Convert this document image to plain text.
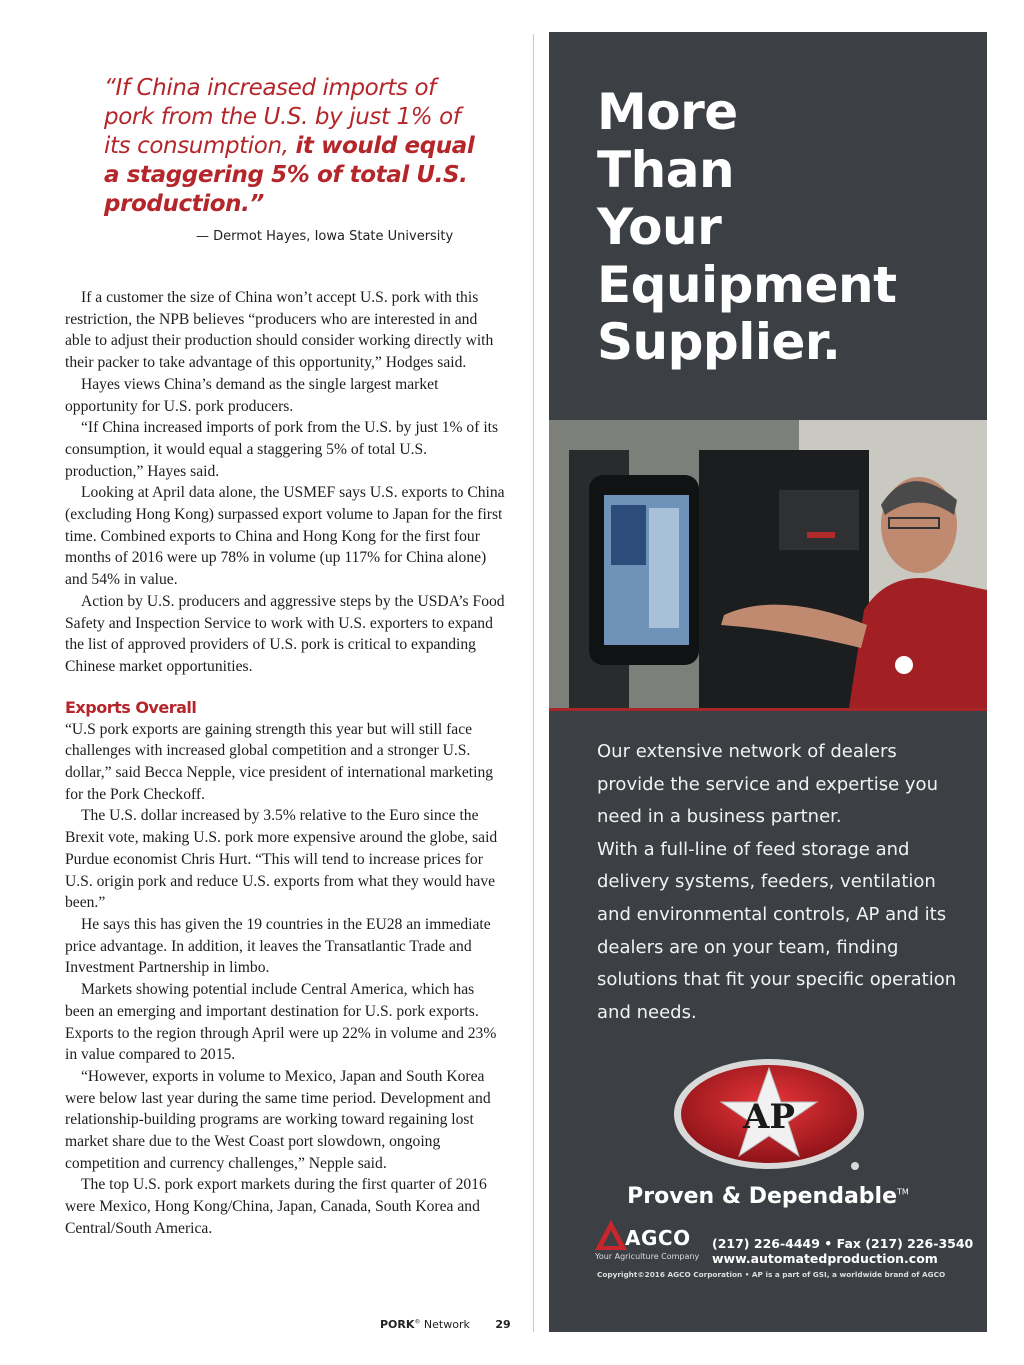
“If China increased imports of pork from the U.S. by just 1% of its consumption, it would equal a staggering 5% of total U.S. production.”
— Dermot Hayes, Iowa State University

If a customer the size of China won’t accept U.S. pork with this restriction, the NPB believes “producers who are interested in and able to adjust their production should consider working directly with their packer to take advantage of this opportunity,” Hodges said.

Hayes views China’s demand as the single largest market opportunity for U.S. pork producers.

“If China increased imports of pork from the U.S. by just 1% of its consumption, it would equal a staggering 5% of total U.S. production,” Hayes said.

Looking at April data alone, the USMEF says U.S. exports to China (excluding Hong Kong) surpassed export volume to Japan for the first time. Combined exports to China and Hong Kong for the first four months of 2016 were up 78% in volume (up 117% for China alone) and 54% in value.

Action by U.S. producers and aggressive steps by the USDA’s Food Safety and Inspection Service to work with U.S. exporters to expand the list of approved providers of U.S. pork is critical to expanding Chinese market opportunities.

Exports Overall

“U.S pork exports are gaining strength this year but will still face challenges with increased global competition and a stronger U.S. dollar,” said Becca Nepple, vice president of international marketing for the Pork Checkoff.

The U.S. dollar increased by 3.5% relative to the Euro since the Brexit vote, making U.S. pork more expensive around the globe, said Purdue economist Chris Hurt. “This will tend to increase prices for U.S. origin pork and reduce U.S. exports from what they would have been.”

He says this has given the 19 countries in the EU28 an immediate price advantage. In addition, it leaves the Transatlantic Trade and Investment Partnership in limbo.

Markets showing potential include Central America, which has been an emerging and important destination for U.S. pork exports. Exports to the region through April were up 22% in volume and 23% in value compared to 2015.

“However, exports in volume to Mexico, Japan and South Korea were below last year during the same time period. Development and relationship-building programs are working toward regaining lost market share due to the West Coast port slowdown, ongoing competition and currency challenges,” Nepple said.

The top U.S. pork export markets during the first quarter of 2016 were Mexico, Hong Kong/China, Japan, Canada, South Korea and Central/South America.

PORK® Network 29
More
Than
Your
Equipment
Supplier.

Our extensive network of dealers provide the service and expertise you need in a business partner.

With a full-line of feed storage and delivery systems, feeders, ventilation and environmental controls, AP and its dealers are on your team, finding solutions that fit your specific operation and needs.

AP
Proven & Dependable™
AGCO
Your Agriculture Company
(217) 226-4449 • Fax (217) 226-3540
www.automatedproduction.com
Copyright©2016 AGCO Corporation • AP is a part of GSI, a worldwide brand of AGCO
